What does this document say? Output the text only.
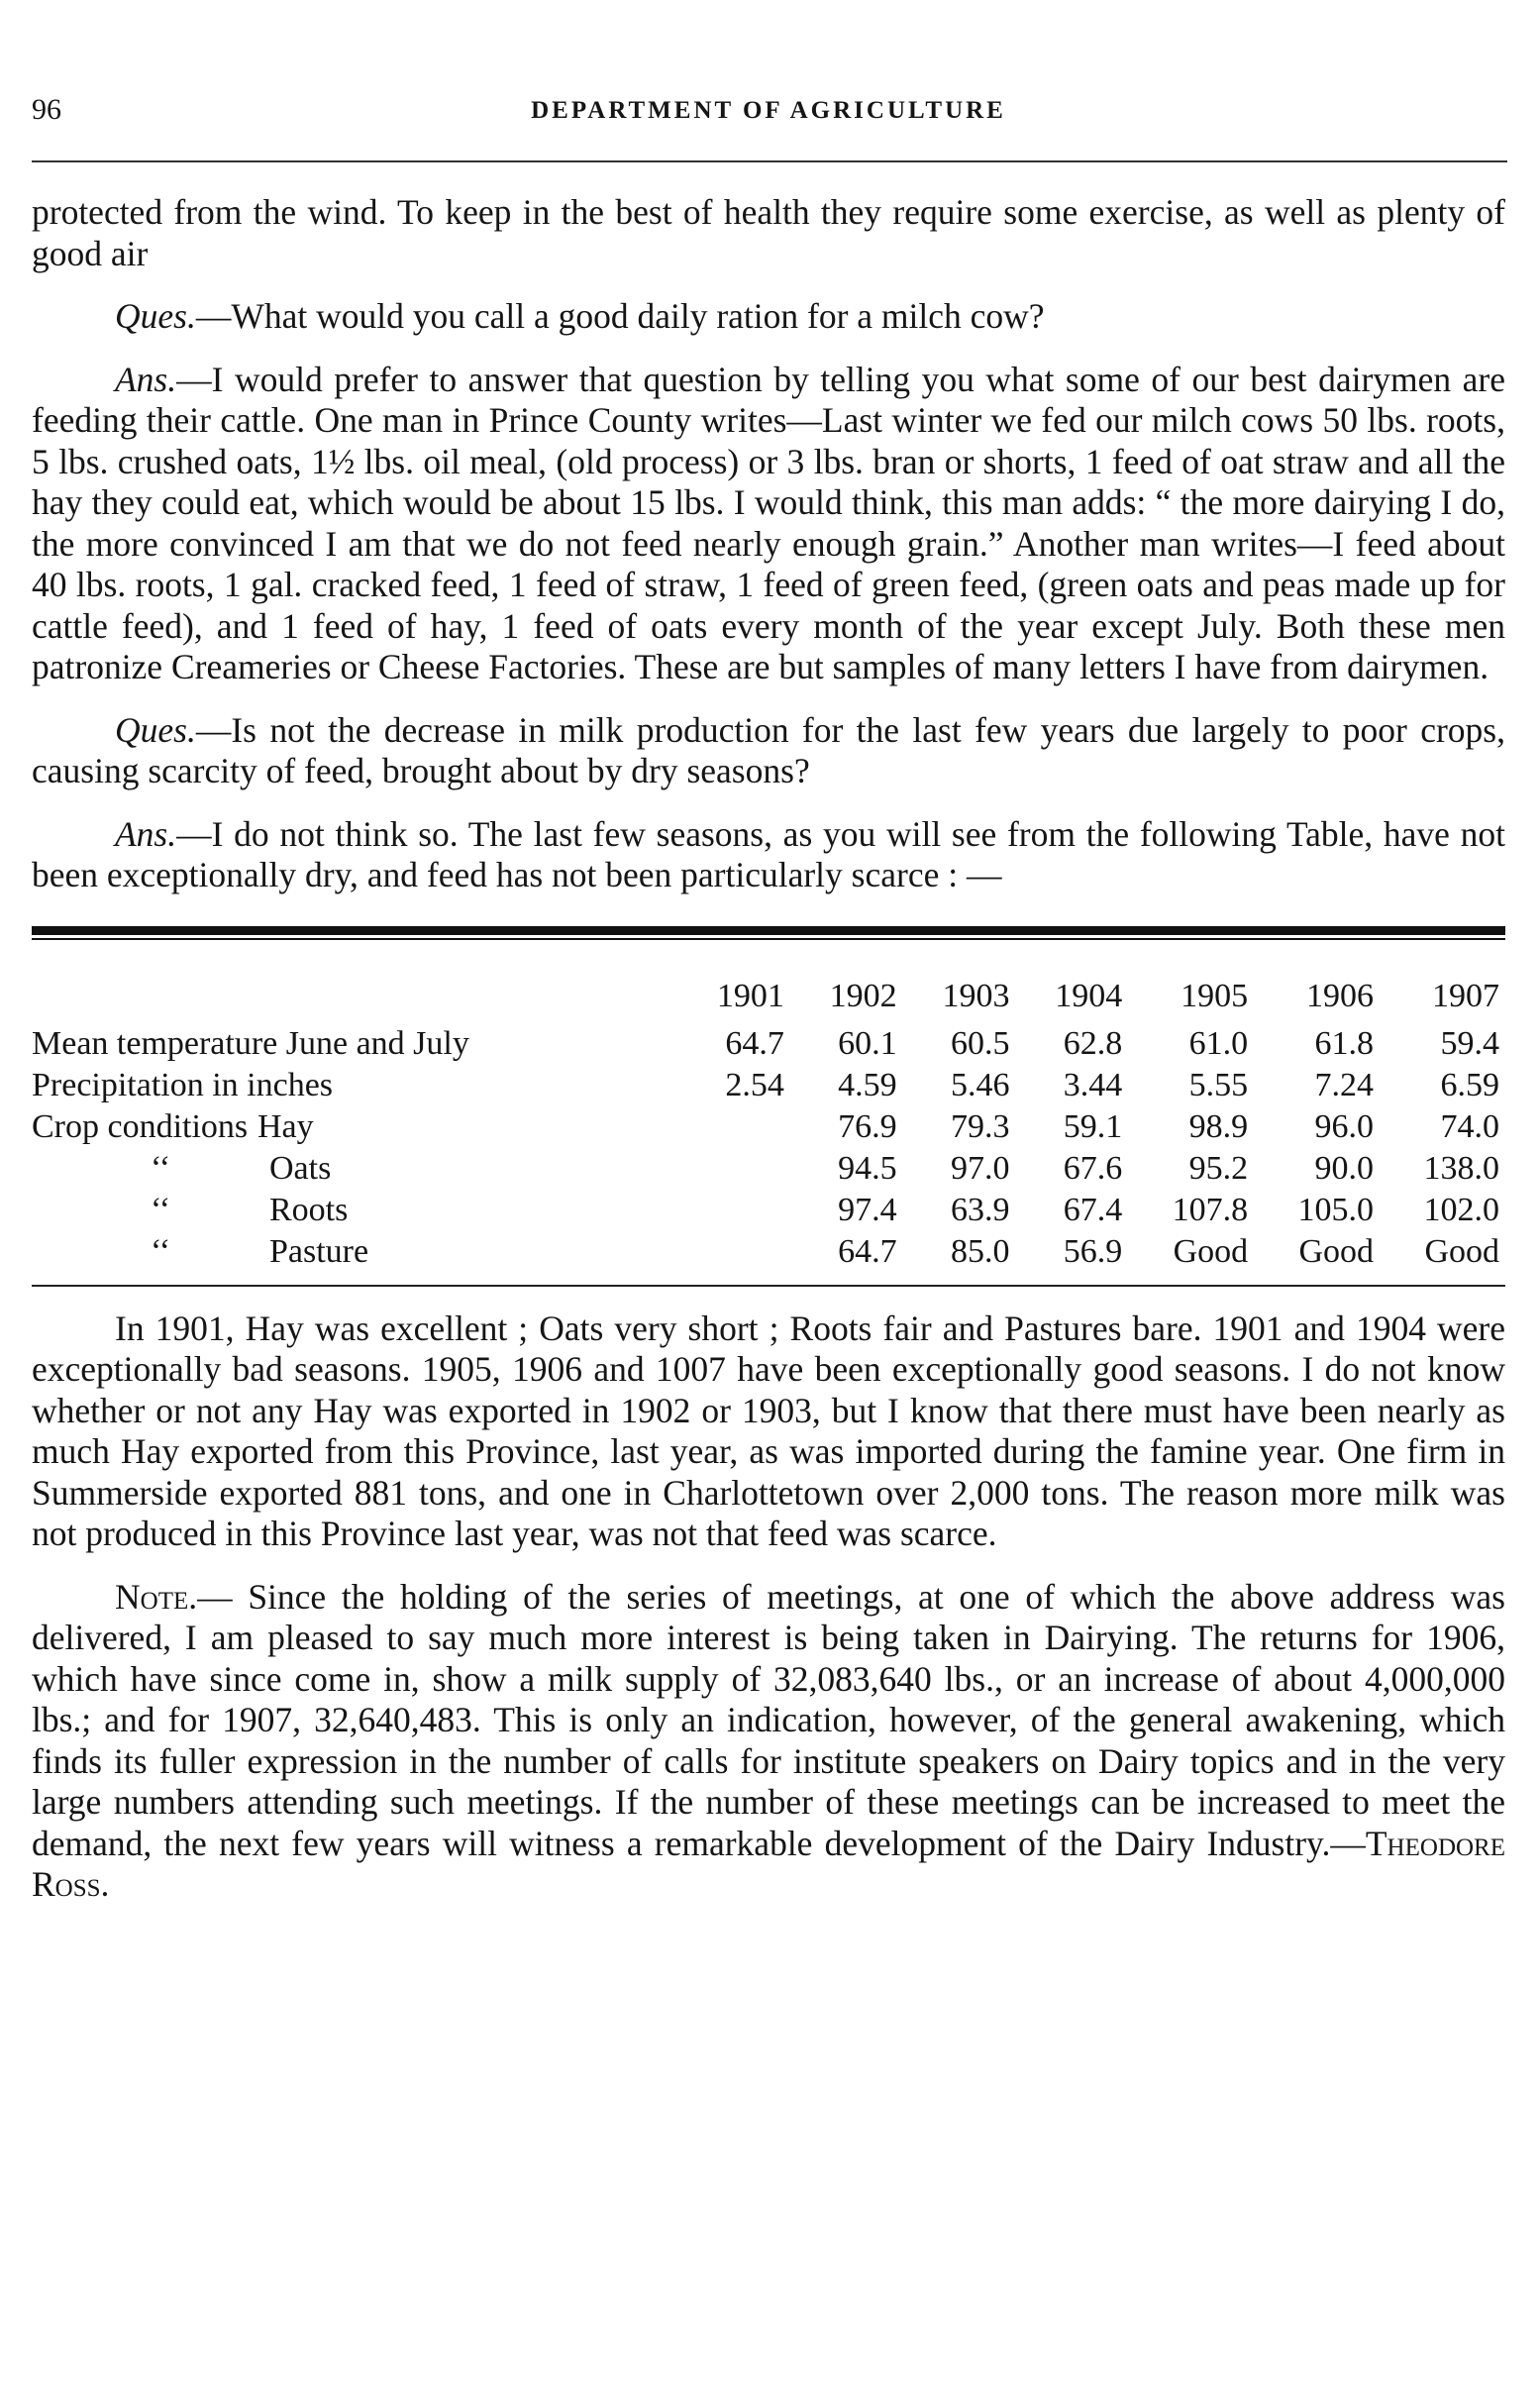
96	DEPARTMENT OF AGRICULTURE

protected from the wind. To keep in the best of health they require some exercise, as well as plenty of good air

Ques.—What would you call a good daily ration for a milch cow?

Ans.—I would prefer to answer that question by telling you what some of our best dairymen are feeding their cattle. One man in Prince County writes—Last winter we fed our milch cows 50 lbs. roots, 5 lbs. crushed oats, 1½ lbs. oil meal, (old process) or 3 lbs. bran or shorts, 1 feed of oat straw and all the hay they could eat, which would be about 15 lbs. I would think, this man adds: “ the more dairying I do, the more convinced I am that we do not feed nearly enough grain.” Another man writes—I feed about 40 lbs. roots, 1 gal. cracked feed, 1 feed of straw, 1 feed of green feed, (green oats and peas made up for cattle feed), and 1 feed of hay, 1 feed of oats every month of the year except July. Both these men patronize Creameries or Cheese Factories. These are but samples of many letters I have from dairymen.

Ques.—Is not the decrease in milk production for the last few years due largely to poor crops, causing scarcity of feed, brought about by dry seasons?

Ans.—I do not think so. The last few seasons, as you will see from the following Table, have not been exceptionally dry, and feed has not been particularly scarce : —

	1901	1902	1903	1904	1905	1906	1907
Mean temperature June and July	64.7	60.1	60.5	62.8	61.0	61.8	59.4
Precipitation in inches	2.54	4.59	5.46	3.44	5.55	7.24	6.59
Crop conditions Hay		76.9	79.3	59.1	98.9	96.0	74.0
‘‘ Oats		94.5	97.0	67.6	95.2	90.0	138.0
‘‘ Roots		97.4	63.9	67.4	107.8	105.0	102.0
‘‘ Pasture		64.7	85.0	56.9	Good	Good	Good

In 1901, Hay was excellent ; Oats very short ; Roots fair and Pastures bare. 1901 and 1904 were exceptionally bad seasons. 1905, 1906 and 1007 have been exceptionally good seasons. I do not know whether or not any Hay was exported in 1902 or 1903, but I know that there must have been nearly as much Hay exported from this Province, last year, as was imported during the famine year. One firm in Summerside exported 881 tons, and one in Charlottetown over 2,000 tons. The reason more milk was not produced in this Province last year, was not that feed was scarce.

Note.— Since the holding of the series of meetings, at one of which the above address was delivered, I am pleased to say much more interest is being taken in Dairying. The returns for 1906, which have since come in, show a milk supply of 32,083,640 lbs., or an increase of about 4,000,000 lbs.; and for 1907, 32,640,483. This is only an indication, however, of the general awakening, which finds its fuller expression in the number of calls for institute speakers on Dairy topics and in the very large numbers attending such meetings. If the number of these meetings can be increased to meet the demand, the next few years will witness a remarkable development of the Dairy Industry.—Theodore Ross.
